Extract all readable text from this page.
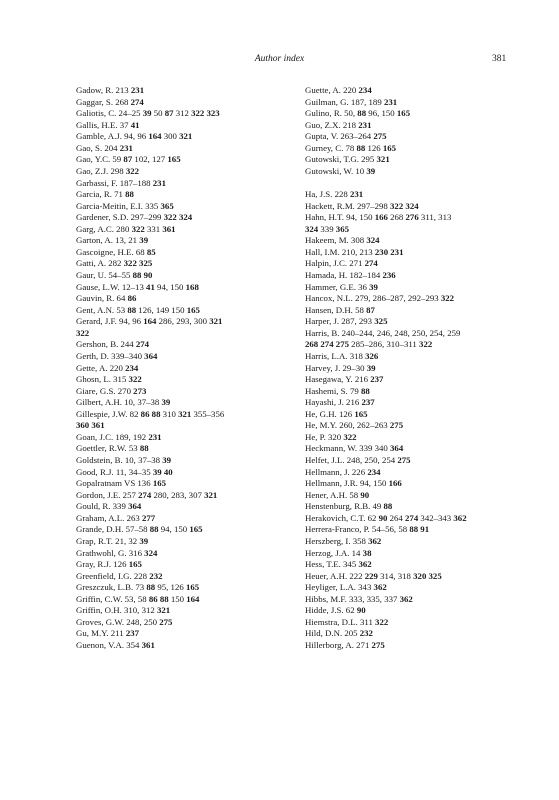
Author index	381
Gadow, R. 213 231
Gaggar, S. 268 274
Galiotis, C. 24–25 39 50 87 312 322 323
Gallis, H.E. 37 41
Gamble, A.J. 94, 96 164 300 321
Gao, S. 204 231
Gao, Y.C. 59 87 102, 127 165
Gao, Z.J. 298 322
Garbassi, F. 187–188 231
Garcia, R. 71 88
Garcia-Meitin, E.I. 335 365
Gardener, S.D. 297–299 322 324
Garg, A.C. 280 322 331 361
Garton, A. 13, 21 39
Gascoigne, H.E. 68 85
Gatti, A. 282 322 325
Gaur, U. 54–55 88 90
Gause, L.W. 12–13 41 94, 150 168
Gauvin, R. 64 86
Gent, A.N. 53 88 126, 149 150 165
Gerard, J.F. 94, 96 164 286, 293, 300 321
322
Gershon, B. 244 274
Gerth, D. 339–340 364
Gette, A. 220 234
Ghosn, L. 315 322
Giare, G.S. 270 273
Gilbert, A.H. 10, 37–38 39
Gillespie, J.W. 82 86 88 310 321 355–356
360 361
Goan, J.C. 189, 192 231
Goettler, R.W. 53 88
Goldstein, B. 10, 37–38 39
Good, R.J. 11, 34–35 39 40
Gopalratnam VS 136 165
Gordon, J.E. 257 274 280, 283, 307 321
Gould, R. 339 364
Graham, A.L. 263 277
Grande, D.H. 57–58 88 94, 150 165
Grap, R.T. 21, 32 39
Grathwohl, G. 316 324
Gray, R.J. 126 165
Greenfield, I.G. 228 232
Greszczuk, L.B. 73 88 95, 126 165
Griffin, C.W. 53, 58 86 88 150 164
Griffin, O.H. 310, 312 321
Groves, G.W. 248, 250 275
Gu, M.Y. 211 237
Guenon, V.A. 354 361
Guette, A. 220 234
Guilman, G. 187, 189 231
Gulino, R. 50, 88 96, 150 165
Guo, Z.X. 218 231
Gupta, V. 263–264 275
Gurney, C. 78 88 126 165
Gutowski, T.G. 295 321
Gutowski, W. 10 39
Ha, J.S. 228 231
Hackett, R.M. 297–298 322 324
Hahn, H.T. 94, 150 166 268 276 311, 313
324 339 365
Hakeem, M. 308 324
Hall, I.M. 210, 213 230 231
Halpin, J.C. 271 274
Hamada, H. 182–184 236
Hammer, G.E. 36 39
Hancox, N.L. 279, 286–287, 292–293 322
Hansen, D.H. 58 87
Harper, J. 287, 293 325
Harris, B. 240–244, 246, 248, 250, 254, 259
268 274 275 285–286, 310–311 322
Harris, L.A. 318 326
Harvey, J. 29–30 39
Hasegawa, Y. 216 237
Hashemi, S. 79 88
Hayashi, J. 216 237
He, G.H. 126 165
He, M.Y. 260, 262–263 275
He, P. 320 322
Heckmann, W. 339 340 364
Helfet, J.L. 248, 250, 254 275
Hellmann, J. 226 234
Hellmann, J.R. 94, 150 166
Hener, A.H. 58 90
Henstenburg, R.B. 49 88
Herakovich, C.T. 62 90 264 274 342–343 362
Herrera-Franco, P. 54–56, 58 88 91
Herszberg, I. 358 362
Herzog, J.A. 14 38
Hess, T.E. 345 362
Heuer, A.H. 222 229 314, 318 320 325
Heyliger, L.A. 343 362
Hibbs, M.F. 333, 335, 337 362
Hidde, J.S. 62 90
Hiemstra, D.L. 311 322
Hild, D.N. 205 232
Hillerborg, A. 271 275
